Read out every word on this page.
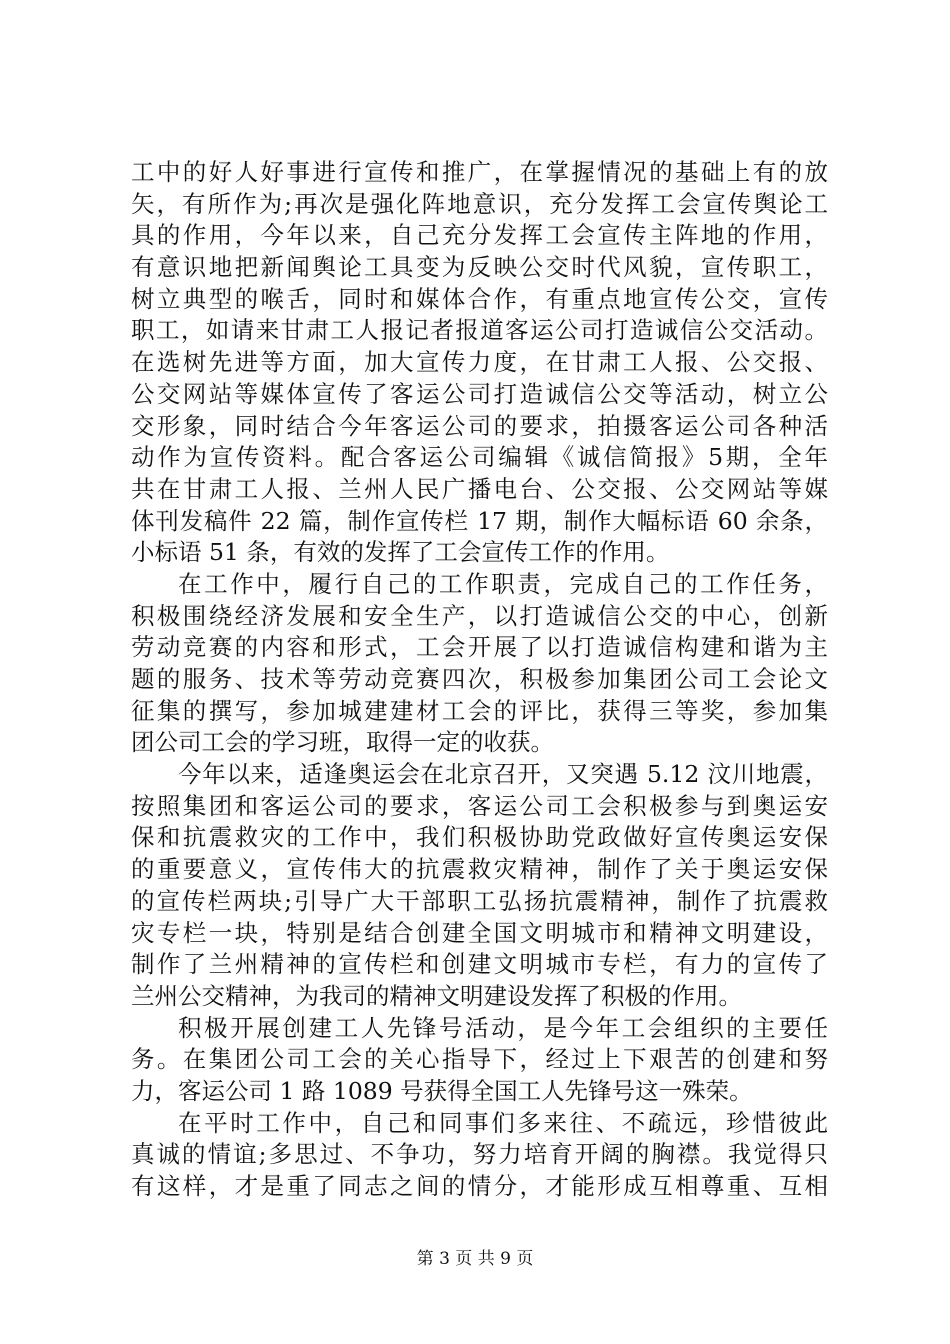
工中的好人好事进行宣传和推广，在掌握情况的基础上有的放
矢，有所作为;再次是强化阵地意识，充分发挥工会宣传舆论工
具的作用，今年以来，自己充分发挥工会宣传主阵地的作用，
有意识地把新闻舆论工具变为反映公交时代风貌，宣传职工，
树立典型的喉舌，同时和媒体合作，有重点地宣传公交，宣传
职工，如请来甘肃工人报记者报道客运公司打造诚信公交活动。
在选树先进等方面，加大宣传力度，在甘肃工人报、公交报、
公交网站等媒体宣传了客运公司打造诚信公交等活动，树立公
交形象，同时结合今年客运公司的要求，拍摄客运公司各种活
动作为宣传资料。配合客运公司编辑《诚信简报》5期，全年
共在甘肃工人报、兰州人民广播电台、公交报、公交网站等媒
体刊发稿件 22 篇，制作宣传栏 17 期，制作大幅标语 60 余条，
小标语 51 条，有效的发挥了工会宣传工作的作用。
在工作中，履行自己的工作职责，完成自己的工作任务，
积极围绕经济发展和安全生产，以打造诚信公交的中心，创新
劳动竞赛的内容和形式，工会开展了以打造诚信构建和谐为主
题的服务、技术等劳动竞赛四次，积极参加集团公司工会论文
征集的撰写，参加城建建材工会的评比，获得三等奖，参加集
团公司工会的学习班，取得一定的收获。
今年以来，适逢奥运会在北京召开，又突遇 5.12 汶川地震，
按照集团和客运公司的要求，客运公司工会积极参与到奥运安
保和抗震救灾的工作中，我们积极协助党政做好宣传奥运安保
的重要意义，宣传伟大的抗震救灾精神，制作了关于奥运安保
的宣传栏两块;引导广大干部职工弘扬抗震精神，制作了抗震救
灾专栏一块，特别是结合创建全国文明城市和精神文明建设，
制作了兰州精神的宣传栏和创建文明城市专栏，有力的宣传了
兰州公交精神，为我司的精神文明建设发挥了积极的作用。
积极开展创建工人先锋号活动，是今年工会组织的主要任
务。在集团公司工会的关心指导下，经过上下艰苦的创建和努
力，客运公司 1 路 1089 号获得全国工人先锋号这一殊荣。
在平时工作中，自己和同事们多来往、不疏远，珍惜彼此
真诚的情谊;多思过、不争功，努力培育开阔的胸襟。我觉得只
有这样，才是重了同志之间的情分，才能形成互相尊重、互相
第 3 页 共 9 页
